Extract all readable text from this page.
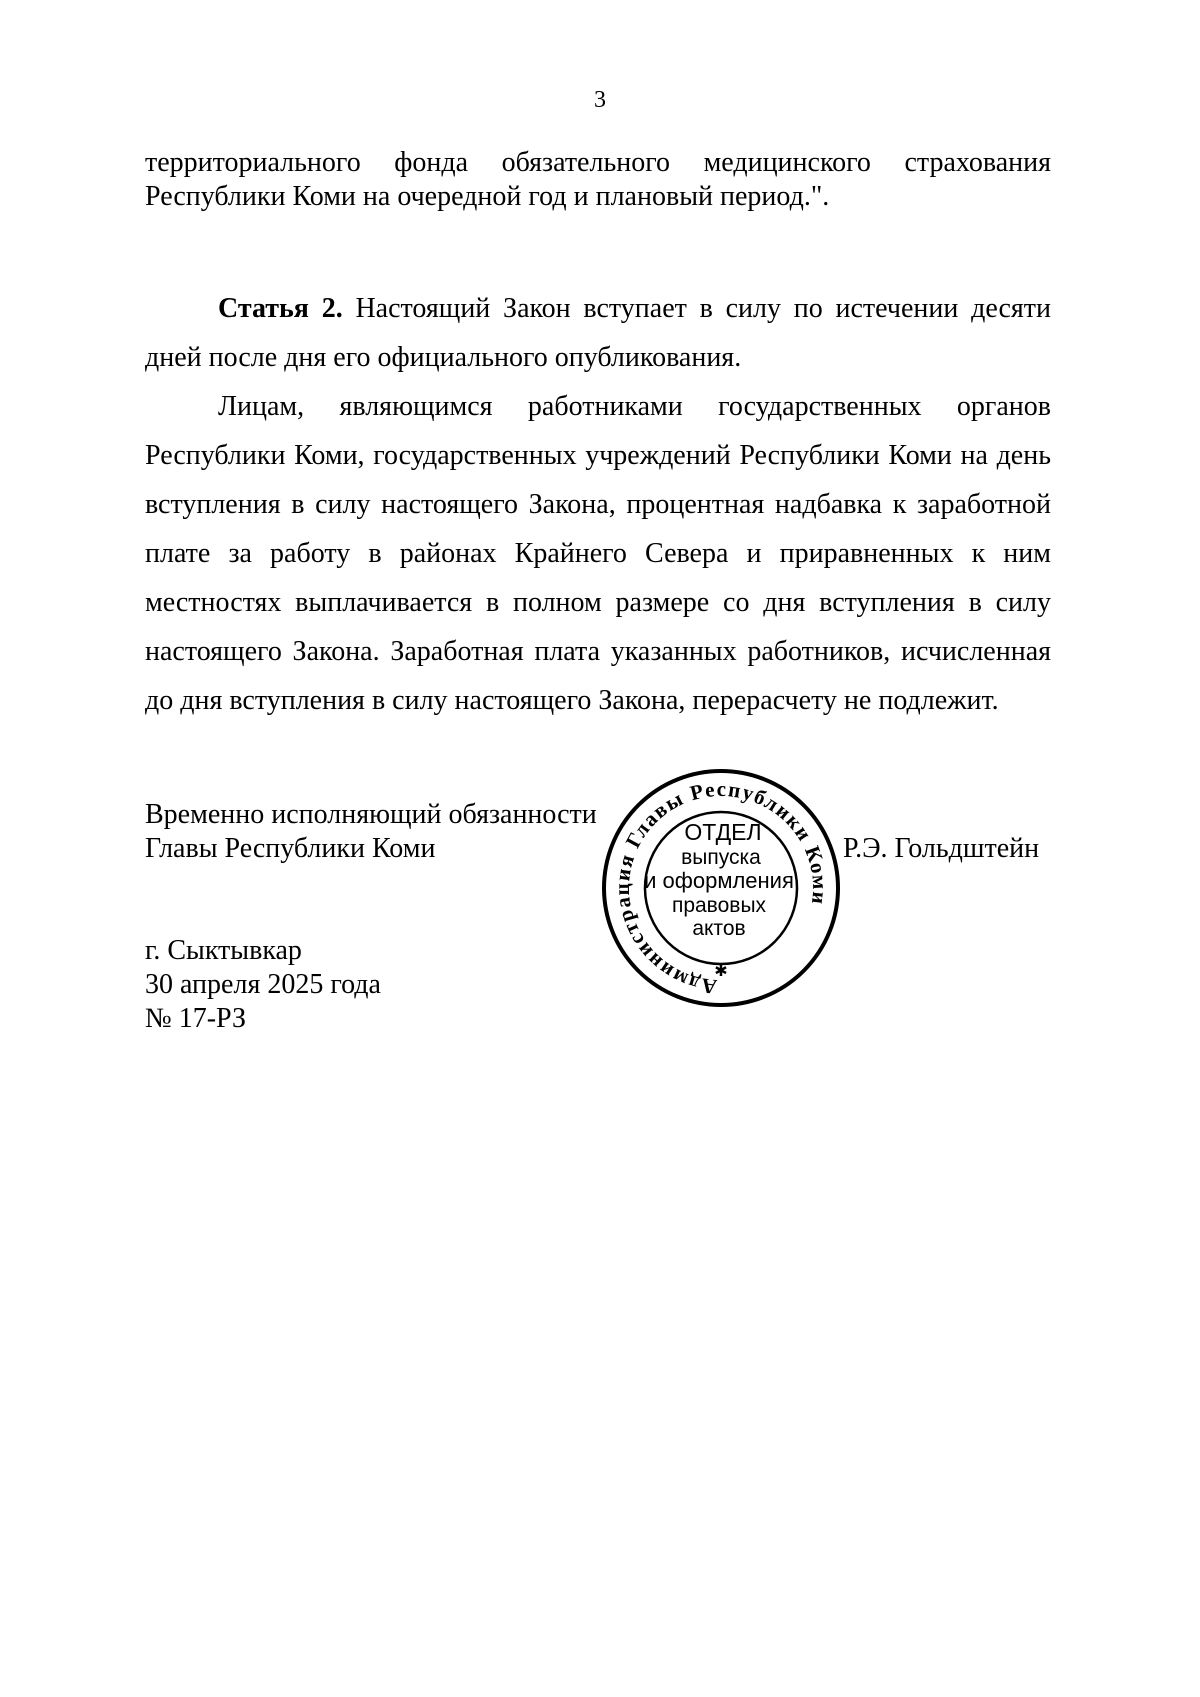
3
территориального фонда обязательного медицинского страхования
Республики Коми на очередной год и плановый период.".
Статья 2. Настоящий Закон вступает в силу по истечении десяти
дней после дня его официального опубликования.
Лицам, являющимся работниками государственных органов
Республики Коми, государственных учреждений Республики Коми на день
вступления в силу настоящего Закона, процентная надбавка к заработной
плате за работу в районах Крайнего Севера и приравненных к ним
местностях выплачивается в полном размере со дня вступления в силу
настоящего Закона. Заработная плата указанных работников, исчисленная
до дня вступления в силу настоящего Закона, перерасчету не подлежит.
Временно исполняющий обязанности
Главы Республики Коми	Р.Э. Гольдштейн
Администрация Главы Республики Коми
ОТДЕЛ
выпуска
и оформления
правовых
актов
✱
г. Сыктывкар
30 апреля 2025 года
№ 17-РЗ
